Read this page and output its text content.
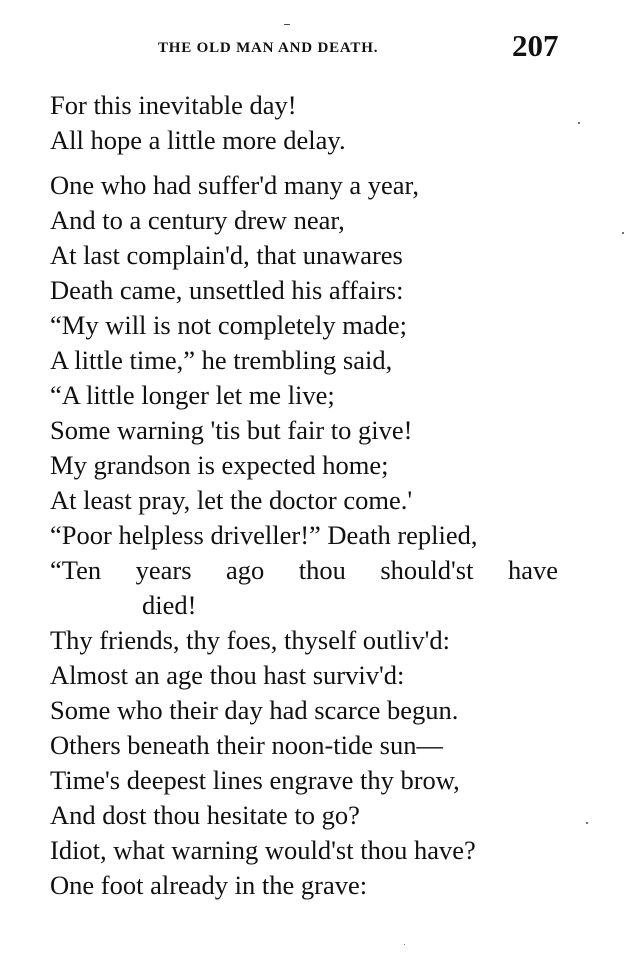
THE OLD MAN AND DEATH.	207

For this inevitable day!
All hope a little more delay.

One who had suffer'd many a year,
And to a century drew near,
At last complain'd, that unawares
Death came, unsettled his affairs:
“My will is not completely made;
A little time,” he trembling said,
“A little longer let me live;
Some warning 'tis but fair to give!
My grandson is expected home;
At least pray, let the doctor come.'
“Poor helpless driveller!” Death replied,
“Ten years ago thou should'st have
died!
Thy friends, thy foes, thyself outliv'd:
Almost an age thou hast surviv'd:
Some who their day had scarce begun.
Others beneath their noon-tide sun—
Time's deepest lines engrave thy brow,
And dost thou hesitate to go?
Idiot, what warning would'st thou have?
One foot already in the grave:
